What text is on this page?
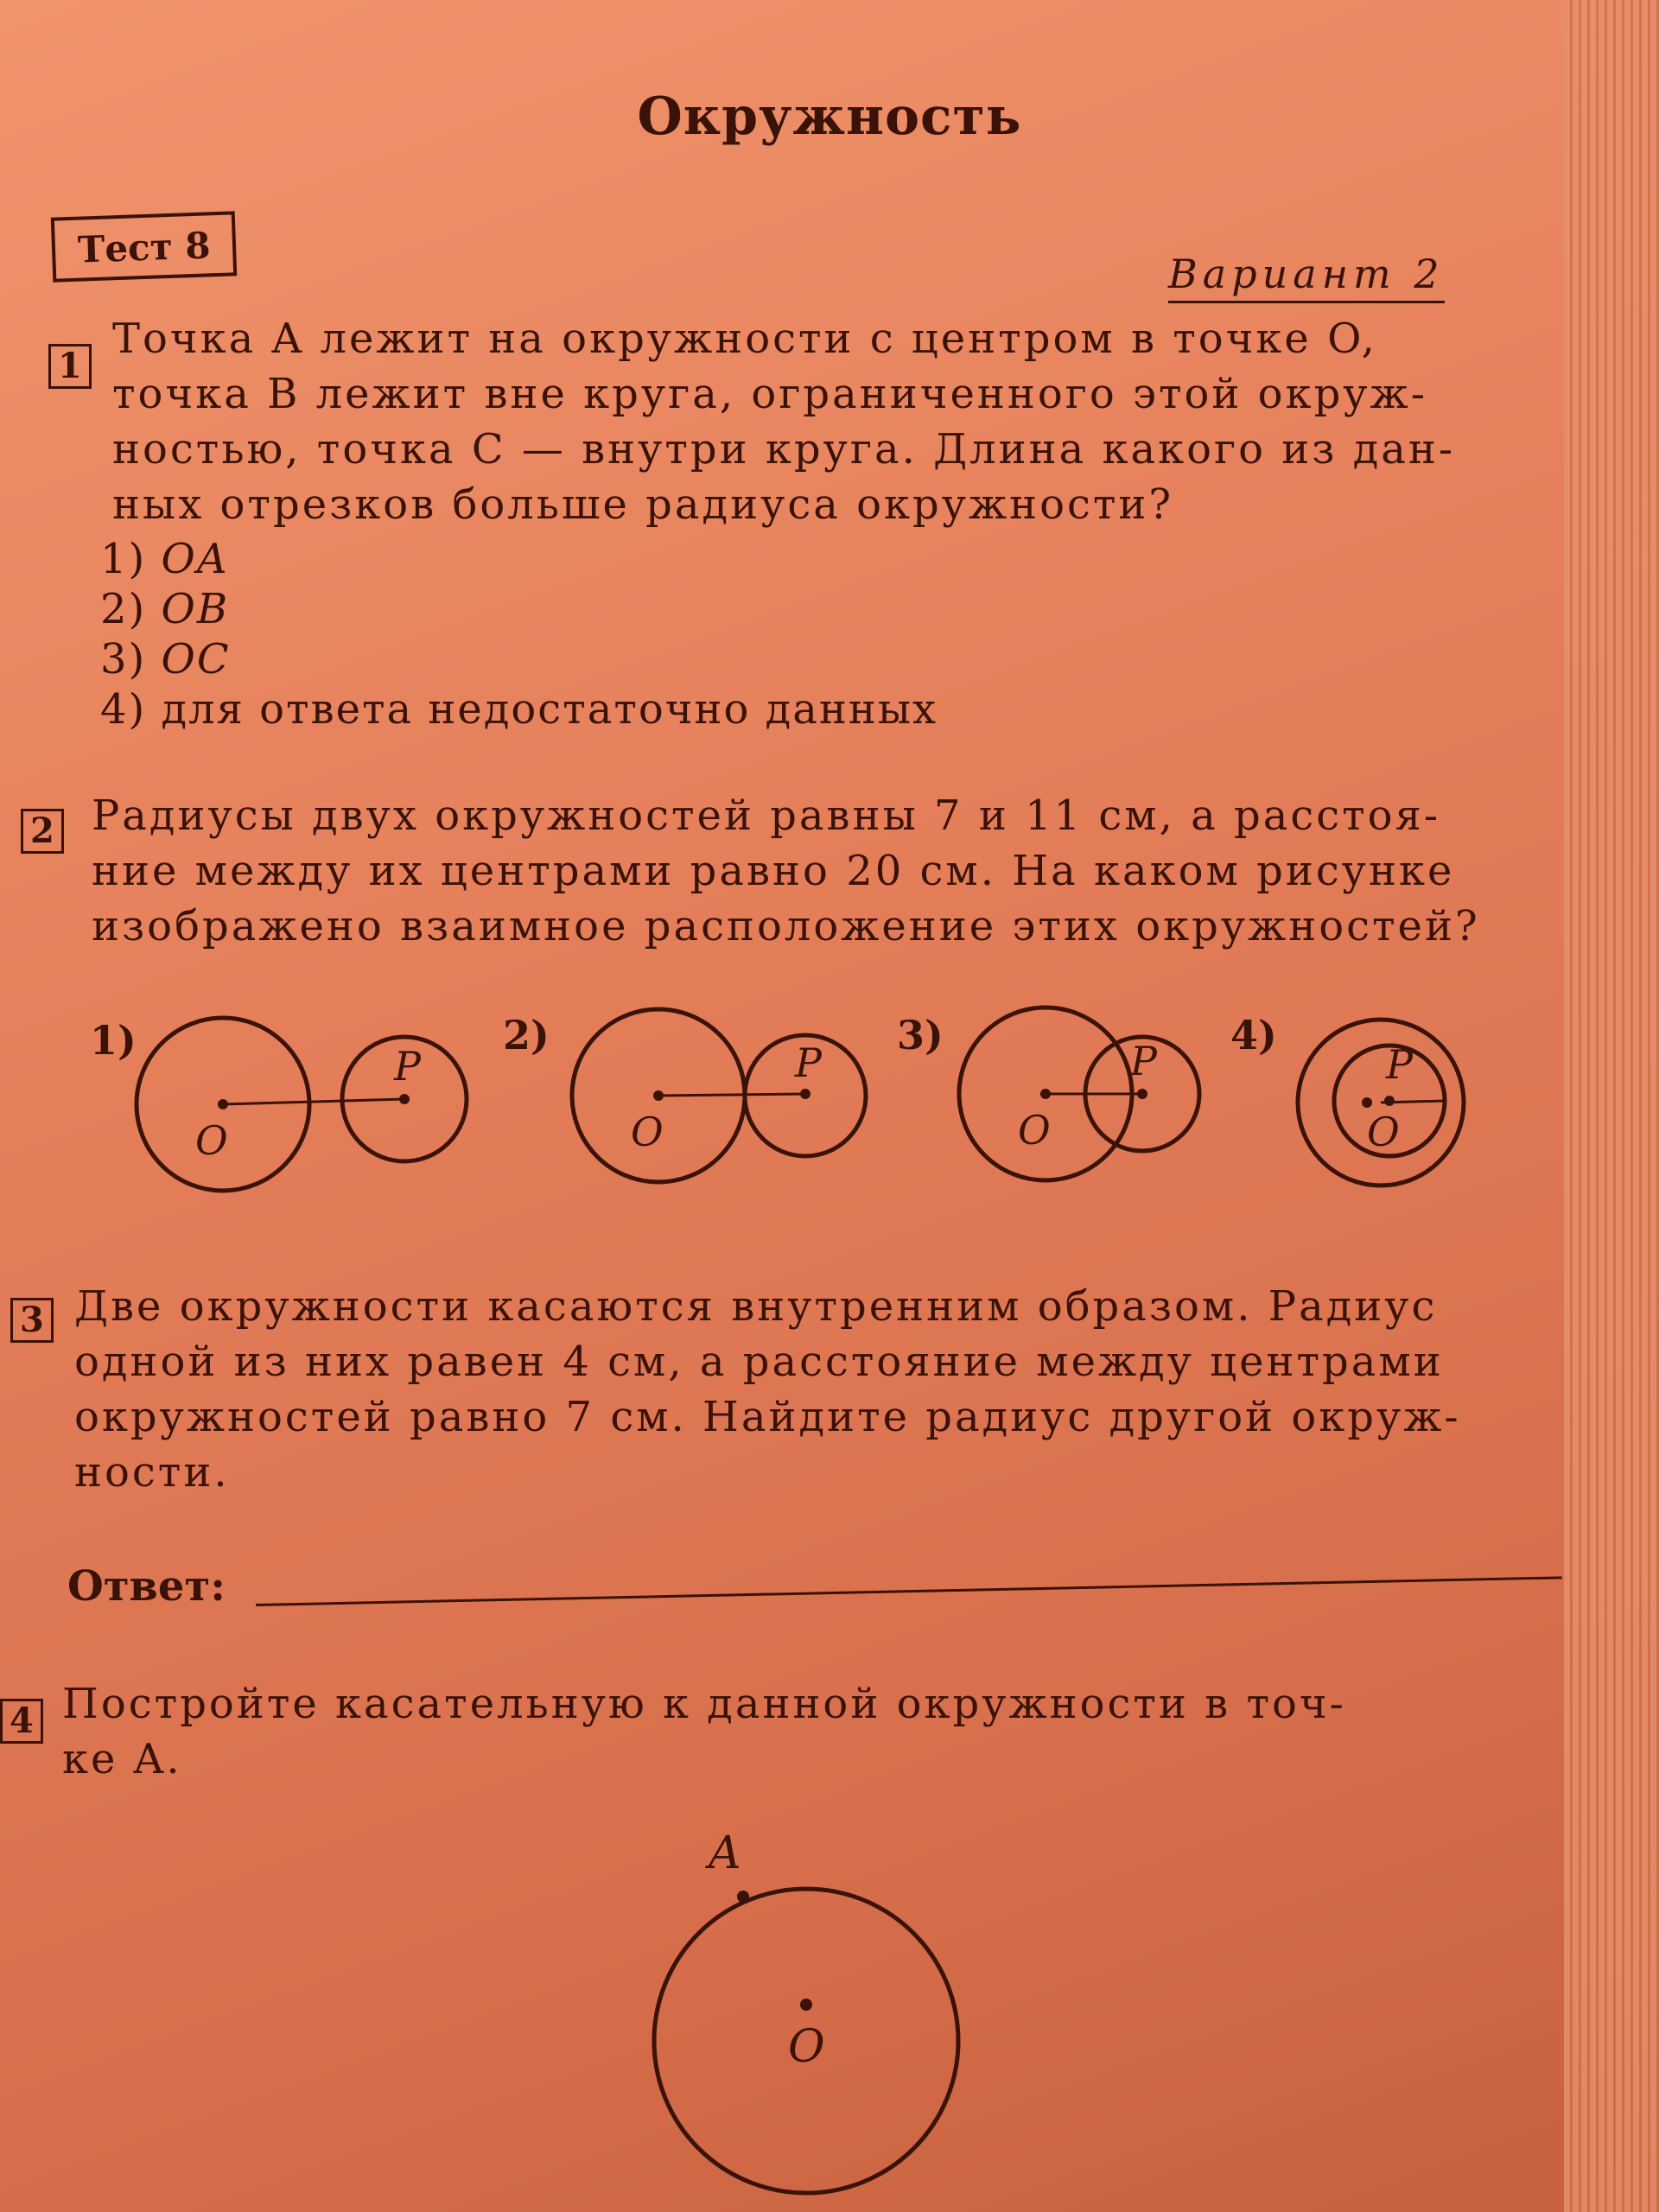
Окружность
Тест 8
Вариант 2
1
Точка A лежит на окружности с центром в точке O,
точка B лежит вне круга, ограниченного этой окруж-
ностью, точка C — внутри круга. Длина какого из дан-
ных отрезков больше радиуса окружности?
1) OA
2) OB
3) OC
4) для ответа недостаточно данных
2 Радиусы двух окружностей равны 7 и 11 см, а расстоя-
ние между их центрами равно 20 см. На каком рисунке
изображено взаимное расположение этих окружностей?
1)
O
P
2)
O
P
3)
O
P
4)
O
P
3 Две окружности касаются внутренним образом. Радиус
одной из них равен 4 см, а расстояние между центрами
окружностей равно 7 см. Найдите радиус другой окруж-
ности.
Ответ:
4 Постройте касательную к данной окружности в точ-
ке A.
A
O
